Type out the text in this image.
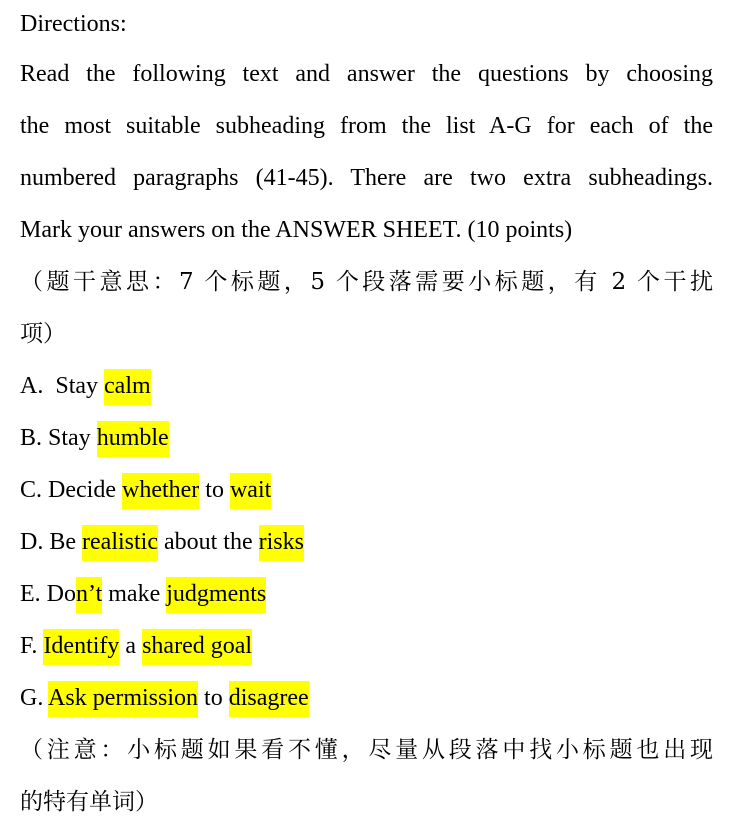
Directions:
Read the following text and answer the questions by choosing
the most suitable subheading from the list A-G for each of the
numbered paragraphs (41-45). There are two extra subheadings.
Mark your answers on the ANSWER SHEET. (10 points)
（题干意思：7 个标题，5 个段落需要小标题，有 2 个干扰
项）
A.  Stay calm
B. Stay humble
C. Decide whether to wait
D. Be realistic about the risks
E. Don’t make judgments
F. Identify a shared goal
G. Ask permission to disagree
（注意：小标题如果看不懂，尽量从段落中找小标题也出现
的特有单词）
